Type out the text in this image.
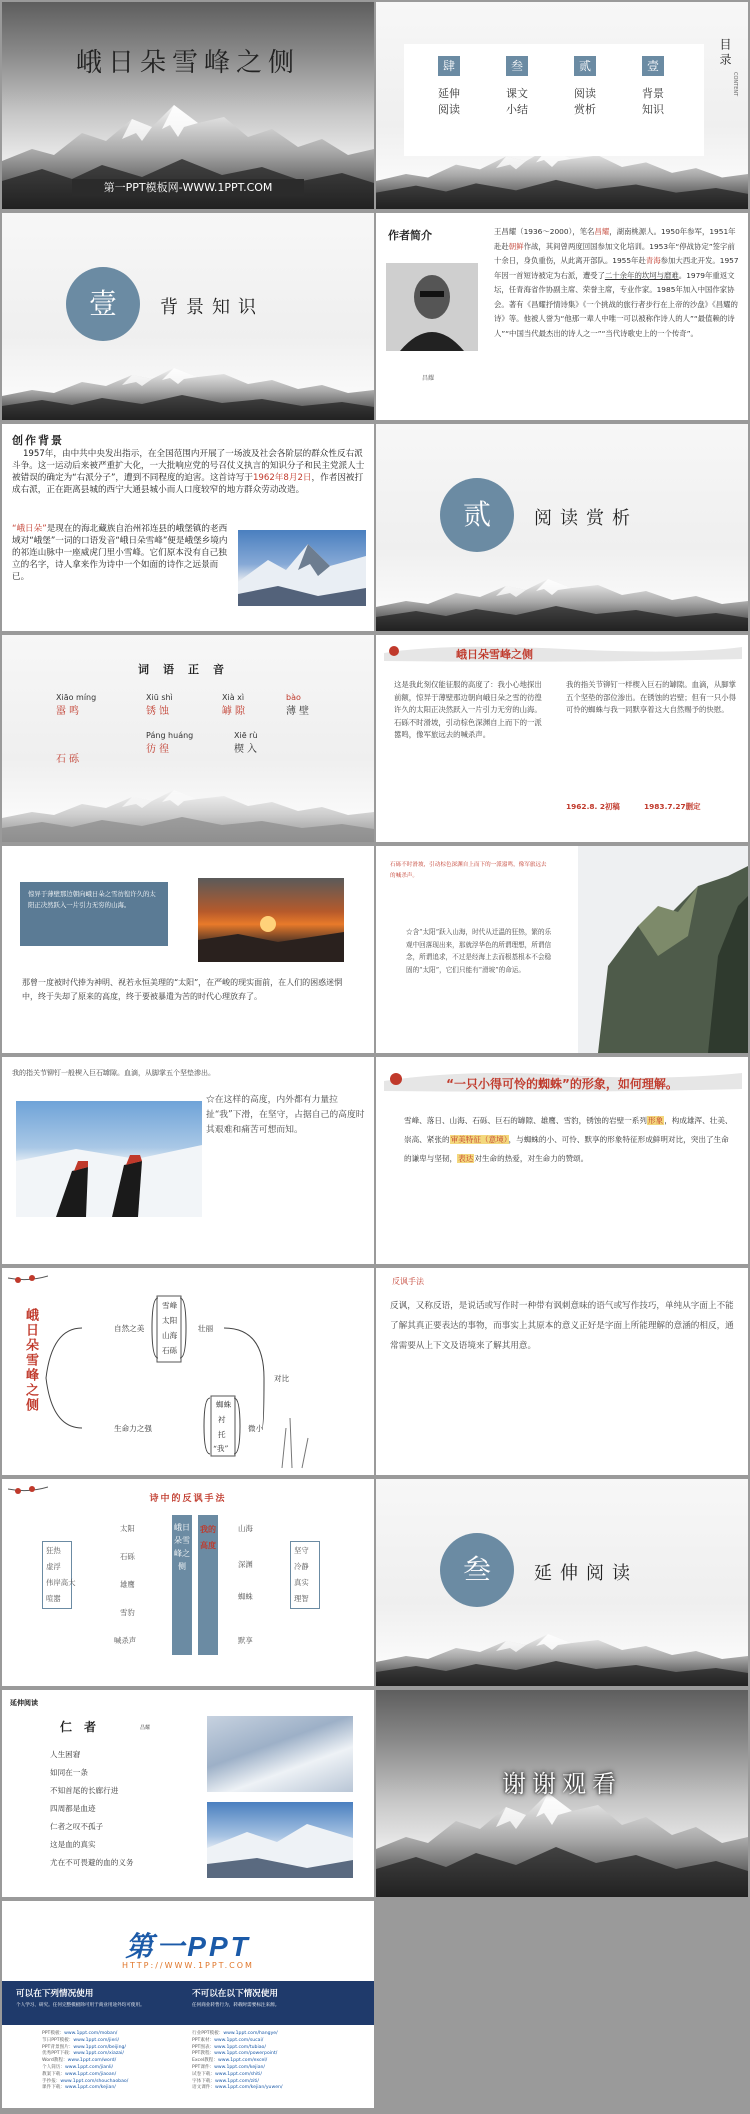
峨日朵雪峰之侧
第一PPT模板网-WWW.1PPT.COM
肆
延伸阅读
叁
课文小结
贰
阅读赏析
壹
背景知识
目录
CONTENT
壹	背景知识
作者简介
昌耀
王昌耀（1936～2000），笔名昌耀，湖南桃源人。1950年参军，1951年赴赴朝鲜作战，其间曾两度回国参加文化培训。1953年“停战协定”签字前十余日，身负重伤，从此离开部队。1955年赴青海参加大西北开发。1957年因一首短诗被定为右派，遭受了二十余年的坎坷与磨难。1979年重返文坛，任青海省作协副主席、荣誉主席，专业作家。1985年加入中国作家协会。著有《昌耀抒情诗集》《一个挑战的旅行者步行在上帝的沙盘》《昌耀的诗》等。他被人誉为“他那一辈人中唯一可以被称作诗人的人”“最值赖的诗人”“中国当代最杰出的诗人之一”“当代诗歌史上的一个传奇”。
创作背景
1957年，由中共中央发出指示，在全国范围内开展了一场波及社会各阶层的群众性反右派斗争。这一运动后来被严重扩大化，一大批响应党的号召仗义执言的知识分子和民主党派人士被错误的确定为“右派分子”，遭到不同程度的迫害。这首诗写于1962年8月2日，作者因被打成右派，正在距离县城的西宁大通县城小而人口度较窄的地方群众劳动改造。
“峨日朵”是现在的海北藏族自治州祁连县的峨堡镇的老西域对“峨堡”一词的口语发音“峨日朵雪峰”便是峨堡乡境内的祁连山脉中一座威虎门里小雪峰。它们原本没有自己独立的名字，诗人拿来作为诗中一个如面的诗作之远景而已。
贰	阅读赏析
词语正音
Xiāo míng
嚣鸣
Xiū shì
锈蚀
Xià xì
罅隙
bào
薄壁

石砾
Páng huáng
彷徨
Xiē rù
楔入
峨日朵雪峰之侧
这是我此刻仅能征服的高度了：我小心地探出前额，惊异于薄壁那边朝向峨日朵之雪的彷徨许久的太阳正决然跃入一片引力无穷的山海。石砾不时滑坡，引动棕色深渊自上而下的一派嚣鸣，像军旅远去的喊杀声。
我的指关节铆钉一样楔入巨石的罅隙。血滴，从脚掌五个坚垫的部位渗出。在锈蚀的岩壁；但有一只小得可怜的蜘蛛与我一同默享着这大自然赐予的快慰。
1962.8. 2初稿	1983.7.27删定
惊异于薄壁那边朝向峨日朵之雪彷徨许久的太阳正决然跃入一片引力无穷的山海。
那曾一度被时代捧为神明、视若永恒美理的“太阳”，在严峻的现实面前，在人们的困惑迷惘中，终于失却了原来的高度，终于要被暴遣为苦的时代心理放弃了。
石砾不时滑坡，引动棕色深渊自上而下的一派嚣鸣，像军旅远去的喊杀声。
☆含“太阳”跃入山海，时代从迁温的狂热，繁的乐观中回落现出来，那就浮华色的所谓理想，所谓信念，所谓追求，不过是经海上去而根基根本不会稳固的“太阳”，它们只能有“滑坡”的命运。
我的指关节铆钉一般楔入巨石罅隙。血滴，从脚掌五个坚垫渗出。
☆在这样的高度，内外都有力量拉扯“我”下滑，在坚守，占据自己的高度时其艰难和痛苦可想而知。
“一只小得可怜的蜘蛛”的形象，如何理解。
雪峰、落日、山海、石砾、巨石的罅隙、雄鹰、雪豹，锈蚀的岩壁一系列形象，构成雄浑、壮美、崇高、紧张的审美特征（意境），与蜘蛛的小、可怜、默享的形象特征形成鲜明对比，突出了生命的谦卑与坚韧，表达对生命的热爱，对生命力的赞颂。
峨日朵雪峰之侧	自然之美
雪峰
太阳
山海
石砾
壮丽
生命力之强
蜘蛛
衬
托
“我”
微小
对比
反讽手法
反讽，又称反语，是说话或写作时一种带有讽刺意味的语气或写作技巧，单纯从字面上不能了解其真正要表达的事物，而事实上其原本的意义正好是字面上所能理解的意涵的相反，通常需要从上下文及语境来了解其用意。
诗中的反讽手法
狂热
虚浮
伟岸高大
喧嚣
太阳
石砾
雄鹰
雪豹
喊杀声
峨日朵雪峰之侧
我的高度
山海
深渊
蜘蛛
默享
坚守
冷静
真实
理智
叁	延伸阅读
延伸阅读
仁者	昌耀
人生困窘
如同在一条
不知首尾的长廊行进
四周都是血迹
仁者之叹不孤子
这是血的真实
尤在不可畏避的血的义务
谢谢观看
第一PPT
HTTP://WWW.1PPT.COM
可以在下列情况使用
个人学习、研究。任何完整模板除可用于商业用途外均可使用。
不可以在以下情况使用
任何商业转售行为，转载时需要标注来源。
PPT模板：www.1ppt.com/moban/
节日PPT模板：www.1ppt.com/jieri/
PPT背景图片：www.1ppt.com/beijing/
优秀PPT下载：www.1ppt.com/xiazai/
Word教程：www.1ppt.com/word/
个人简历：www.1ppt.com/jianli/
教案下载：www.1ppt.com/jiaoan/
手抄报：www.1ppt.com/shouchaobao/
课件下载：www.1ppt.com/kejian/
行业PPT模板：www.1ppt.com/hangye/
PPT素材：www.1ppt.com/sucai/
PPT图表：www.1ppt.com/tubiao/
PPT教程：www.1ppt.com/powerpoint/
Excel教程：www.1ppt.com/excel/
PPT课件：www.1ppt.com/kejian/
试卷下载：www.1ppt.com/shiti/
字体下载：www.1ppt.com/ziti/
语文课件：www.1ppt.com/kejian/yuwen/
